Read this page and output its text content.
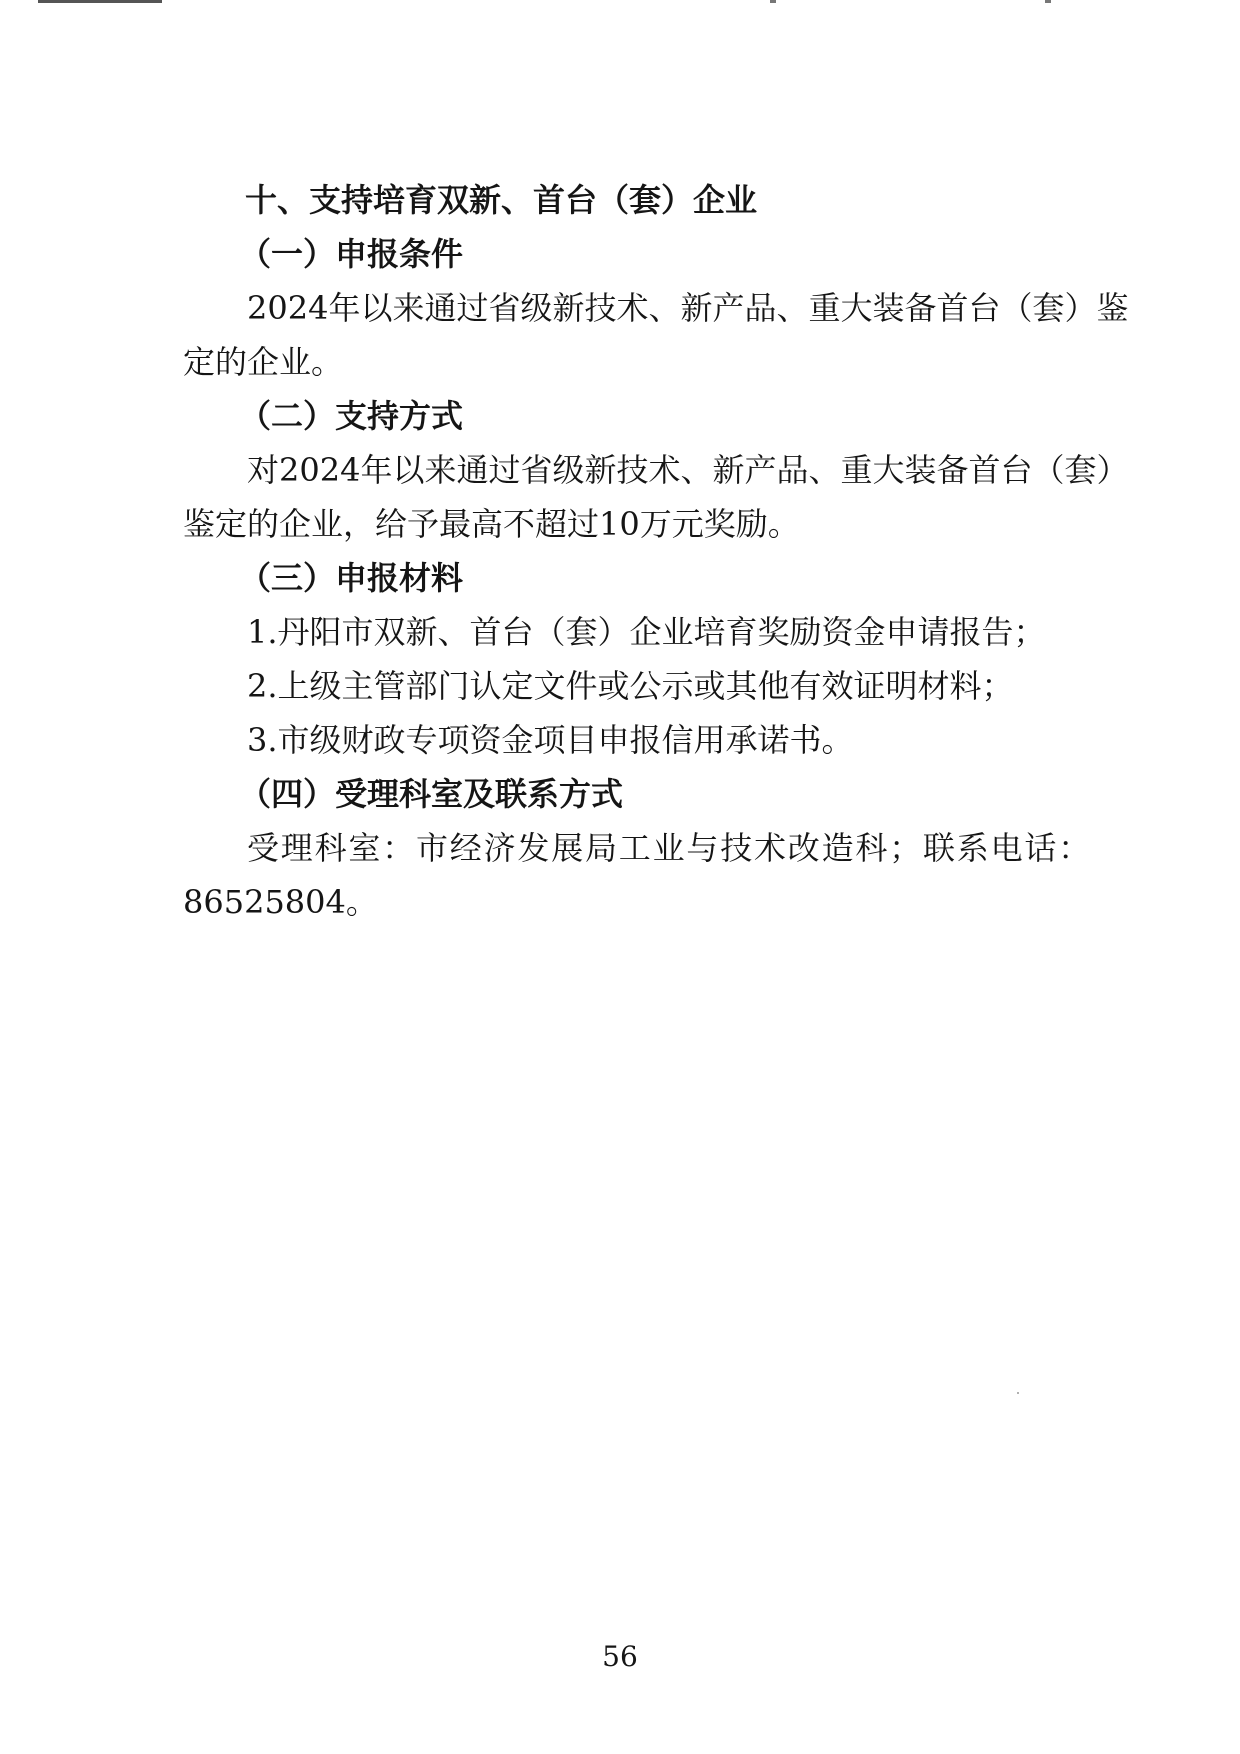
十、支持培育双新、首台（套）企业
（一）申报条件
2024年以来通过省级新技术、新产品、重大装备首台（套）鉴
定的企业。
（二）支持方式
对2024年以来通过省级新技术、新产品、重大装备首台（套）
鉴定的企业，给予最高不超过10万元奖励。
（三）申报材料
1.丹阳市双新、首台（套）企业培育奖励资金申请报告；
2.上级主管部门认定文件或公示或其他有效证明材料；
3.市级财政专项资金项目申报信用承诺书。
（四）受理科室及联系方式
受理科室：市经济发展局工业与技术改造科；联系电话：
86525804。
56
